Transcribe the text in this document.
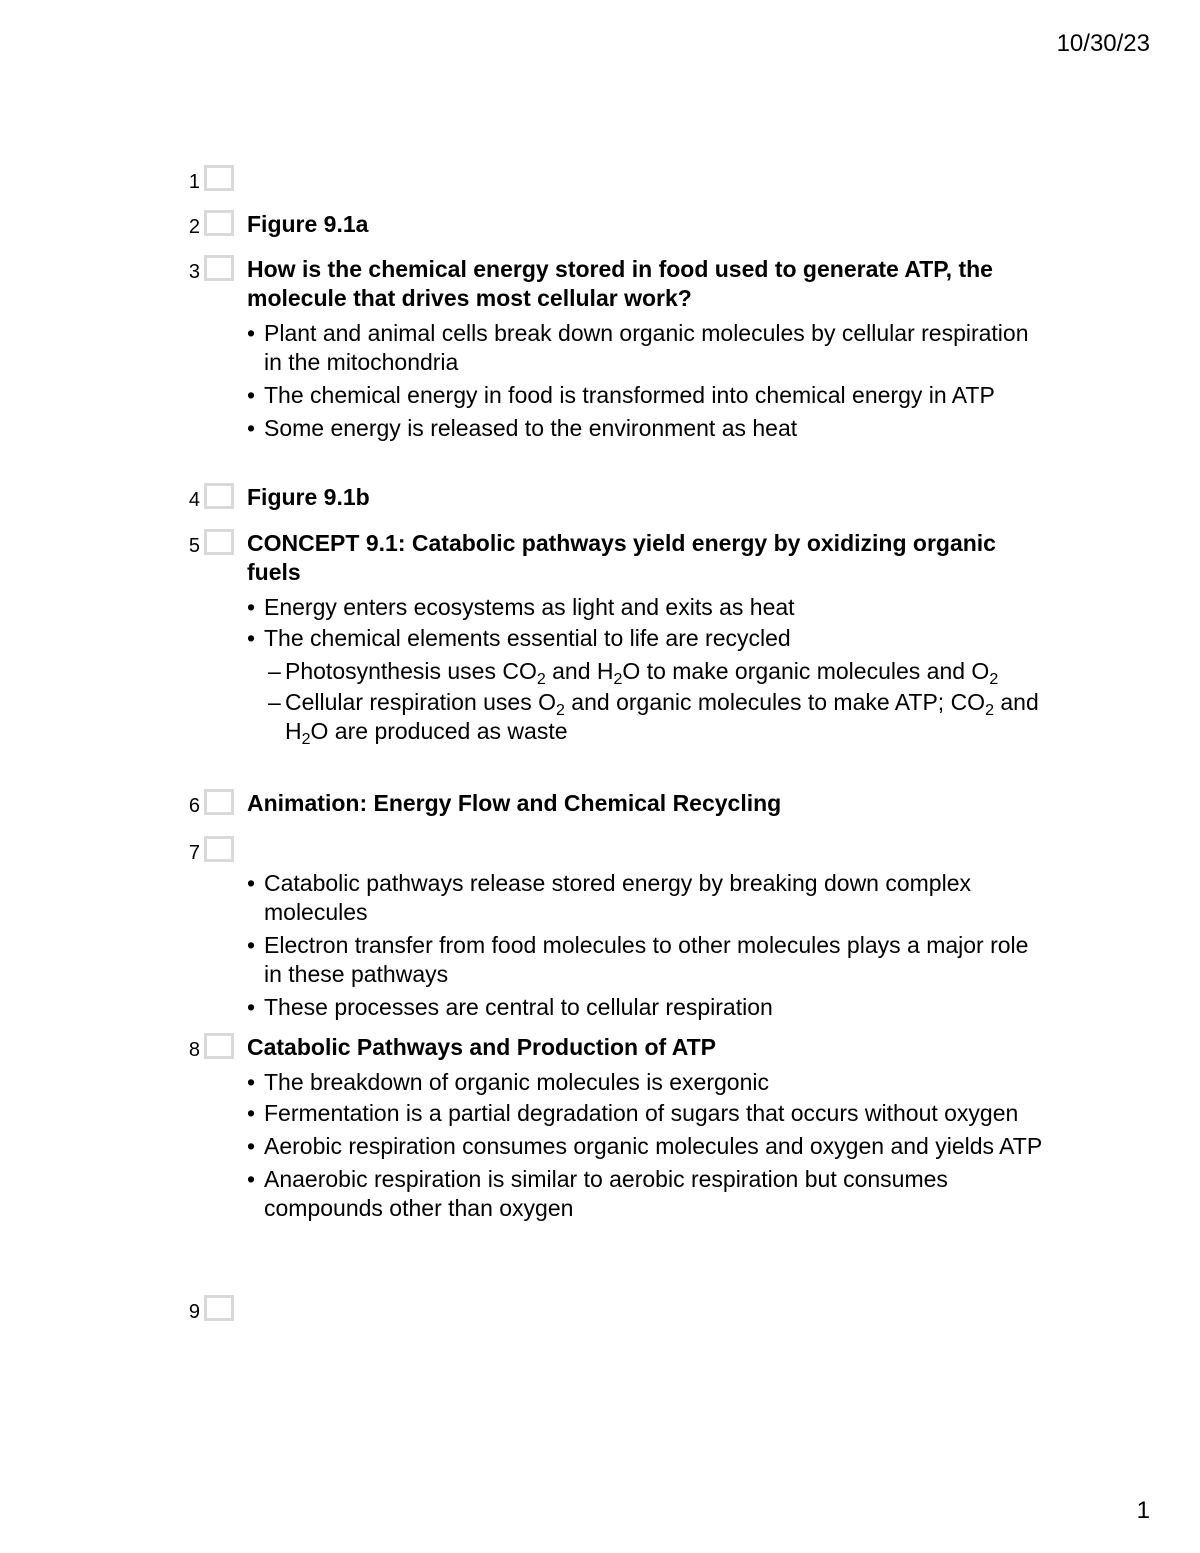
10/30/23
1
2 Figure 9.1a

3 How is the chemical energy stored in food used to generate ATP, the molecule that drives most cellular work?

• Plant and animal cells break down organic molecules by cellular respiration in the mitochondria

• The chemical energy in food is transformed into chemical energy in ATP

• Some energy is released to the environment as heat

4 Figure 9.1b

5 CONCEPT 9.1: Catabolic pathways yield energy by oxidizing organic fuels

• Energy enters ecosystems as light and exits as heat

• The chemical elements essential to life are recycled

– Photosynthesis uses $CO_2$ and $H_2O$ to make organic molecules and $O_2$

– Cellular respiration uses $O_2$ and organic molecules to make ATP; $CO_2$ and $H_2O$ are produced as waste

6 Animation: Energy Flow and Chemical Recycling

7

• Catabolic pathways release stored energy by breaking down complex molecules

• Electron transfer from food molecules to other molecules plays a major role in these pathways

• These processes are central to cellular respiration

8 Catabolic Pathways and Production of ATP

• The breakdown of organic molecules is exergonic

• Fermentation is a partial degradation of sugars that occurs without oxygen

• Aerobic respiration consumes organic molecules and oxygen and yields ATP

• Anaerobic respiration is similar to aerobic respiration but consumes compounds other than oxygen

9
1
